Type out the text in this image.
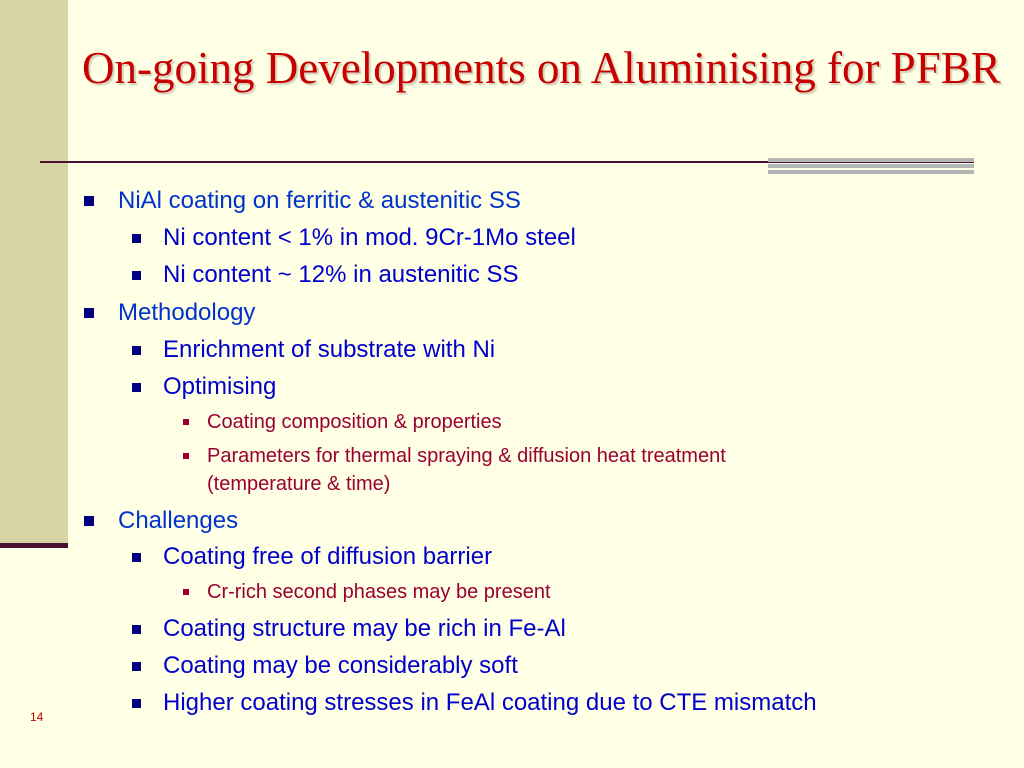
On-going Developments on Aluminising for PFBR
NiAl coating on ferritic & austenitic SS
Ni content < 1% in mod. 9Cr-1Mo steel
Ni content ~ 12% in austenitic SS
Methodology
Enrichment of substrate with Ni
Optimising
Coating composition & properties
Parameters for thermal spraying & diffusion heat treatment
(temperature & time)
Challenges
Coating free of diffusion barrier
Cr-rich second phases may be present
Coating structure may be rich in Fe-Al
Coating may be considerably soft
Higher coating stresses in FeAl coating due to CTE mismatch
14
